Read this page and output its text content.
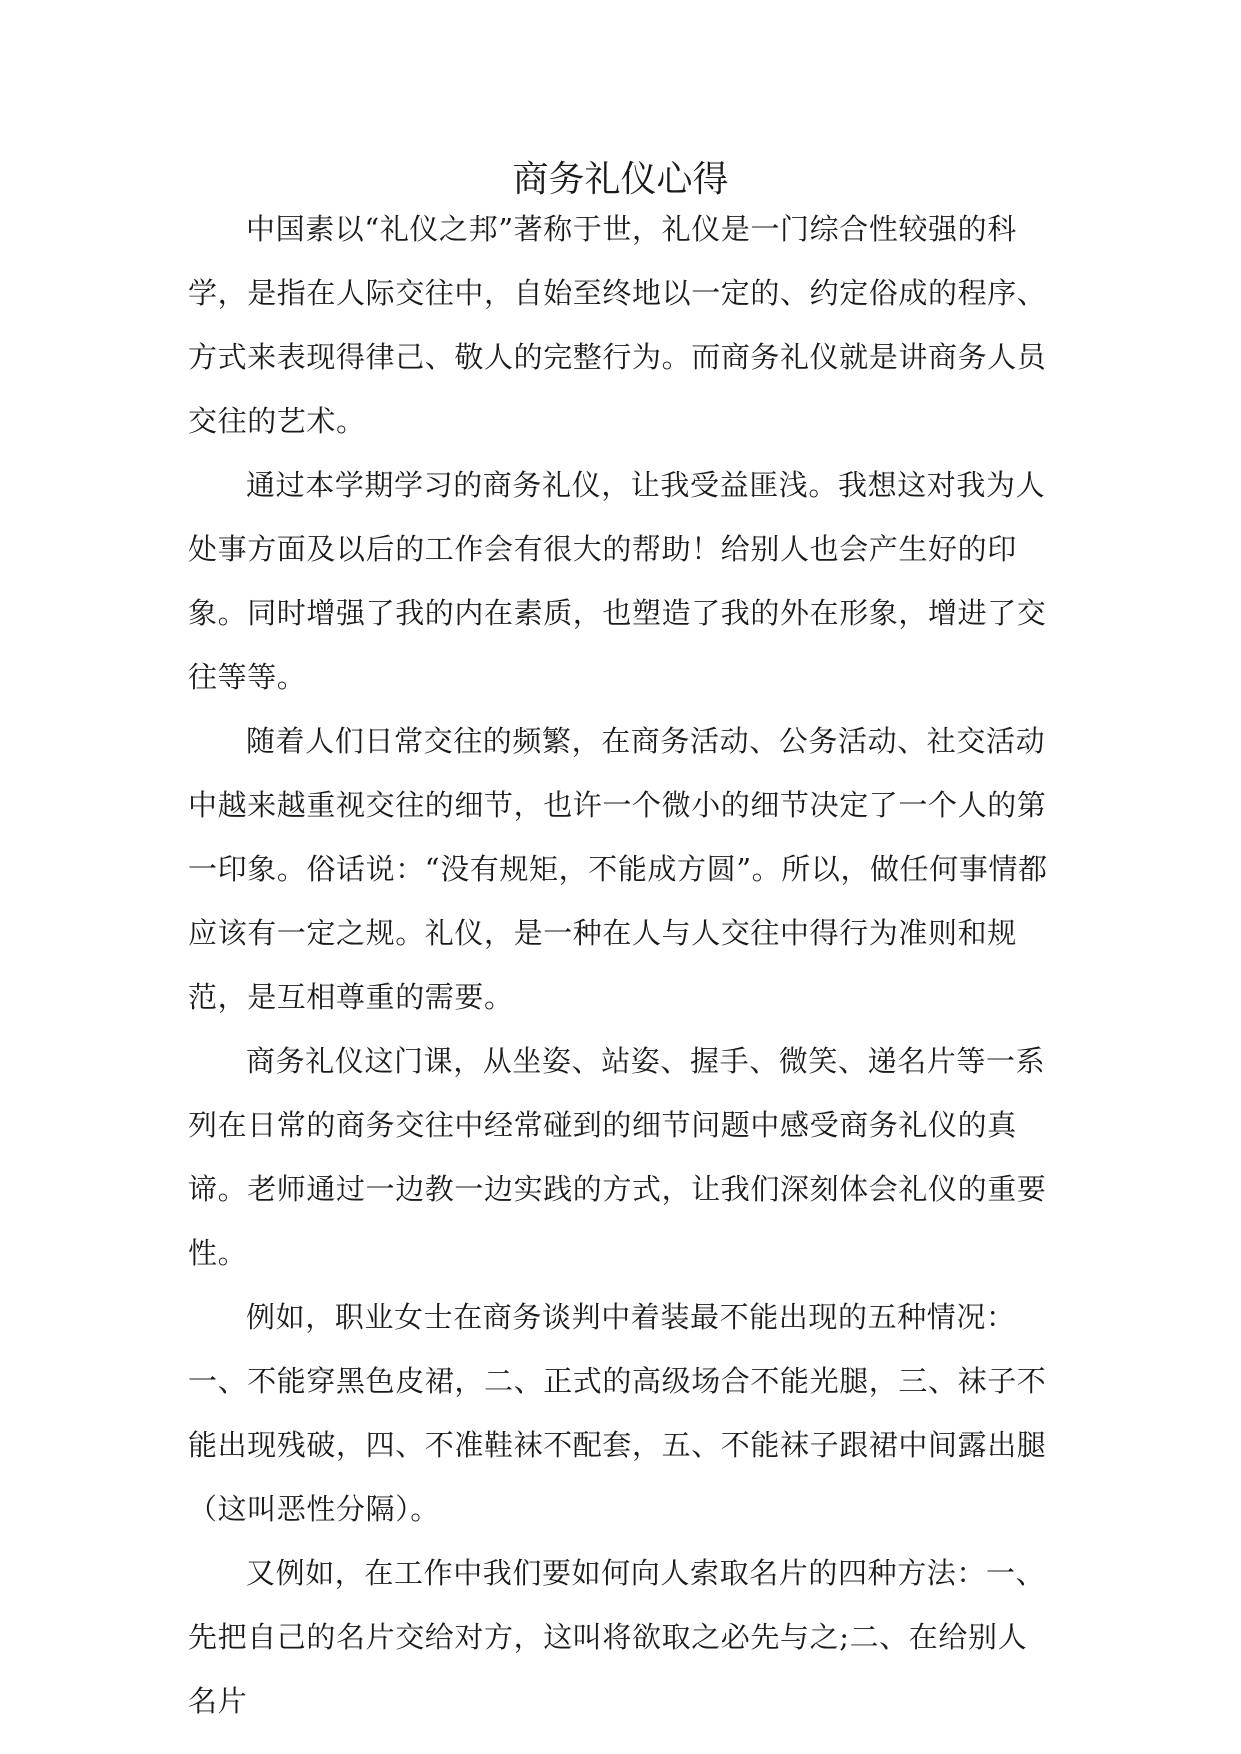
商务礼仪心得

中国素以“礼仪之邦”著称于世，礼仪是一门综合性较强的科学，是指在人际交往中，自始至终地以一定的、约定俗成的程序、方式来表现得律己、敬人的完整行为。而商务礼仪就是讲商务人员交往的艺术。

通过本学期学习的商务礼仪，让我受益匪浅。我想这对我为人处事方面及以后的工作会有很大的帮助！给别人也会产生好的印象。同时增强了我的内在素质，也塑造了我的外在形象，增进了交往等等。

随着人们日常交往的频繁，在商务活动、公务活动、社交活动中越来越重视交往的细节，也许一个微小的细节决定了一个人的第一印象。俗话说：“没有规矩，不能成方圆”。所以，做任何事情都应该有一定之规。礼仪，是一种在人与人交往中得行为准则和规范，是互相尊重的需要。

商务礼仪这门课，从坐姿、站姿、握手、微笑、递名片等一系列在日常的商务交往中经常碰到的细节问题中感受商务礼仪的真谛。老师通过一边教一边实践的方式，让我们深刻体会礼仪的重要性。

例如，职业女士在商务谈判中着装最不能出现的五种情况：一、不能穿黑色皮裙，二、正式的高级场合不能光腿，三、袜子不能出现残破，四、不准鞋袜不配套，五、不能袜子跟裙中间露出腿（这叫恶性分隔）。

又例如，在工作中我们要如何向人索取名片的四种方法：一、先把自己的名片交给对方，这叫将欲取之必先与之;二、在给别人名片
